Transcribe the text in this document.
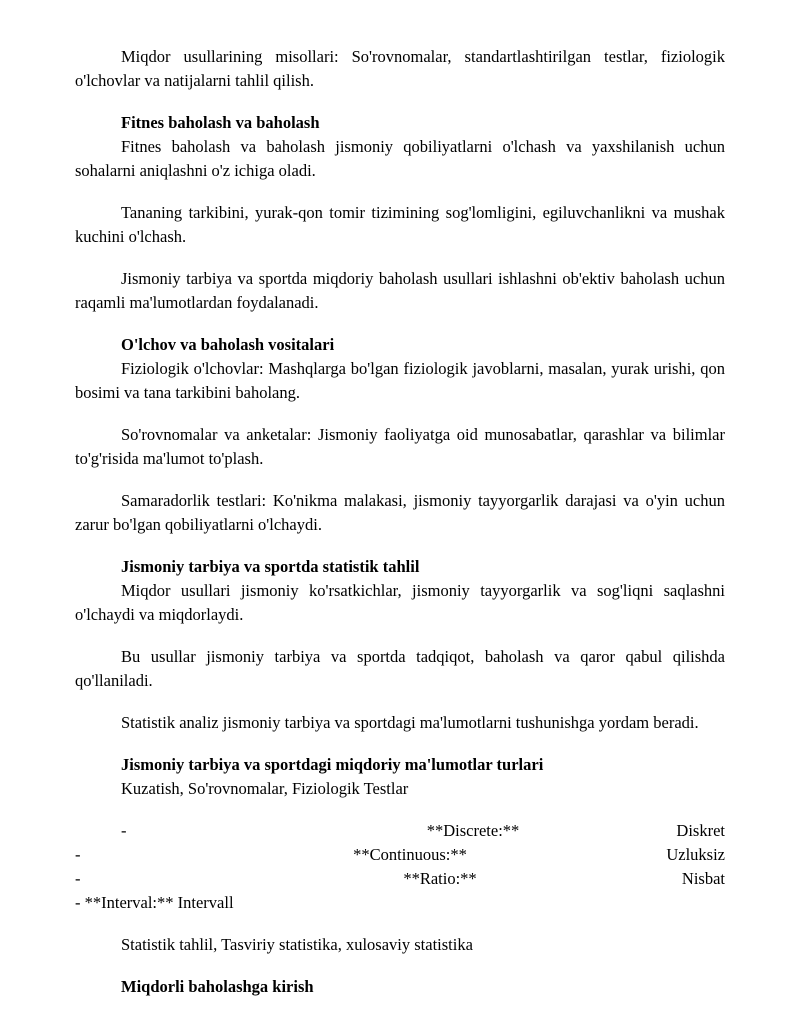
Miqdor usullarining misollari: So'rovnomalar, standartlashtirilgan testlar, fiziologik o'lchovlar va natijalarni tahlil qilish.

Fitnes baholash va baholash

Fitnes baholash va baholash jismoniy qobiliyatlarni o'lchash va yaxshilanish uchun sohalarni aniqlashni o'z ichiga oladi.

Tananing tarkibini, yurak-qon tomir tizimining sog'lomligini, egiluvchanlikni va mushak kuchini o'lchash.

Jismoniy tarbiya va sportda miqdoriy baholash usullari ishlashni ob'ektiv baholash uchun raqamli ma'lumotlardan foydalanadi.

O'lchov va baholash vositalari

Fiziologik o'lchovlar: Mashqlarga bo'lgan fiziologik javoblarni, masalan, yurak urishi, qon bosimi va tana tarkibini baholang.

So'rovnomalar va anketalar: Jismoniy faoliyatga oid munosabatlar, qarashlar va bilimlar to'g'risida ma'lumot to'plash.

Samaradorlik testlari: Ko'nikma malakasi, jismoniy tayyorgarlik darajasi va o'yin uchun zarur bo'lgan qobiliyatlarni o'lchaydi.

Jismoniy tarbiya va sportda statistik tahlil

Miqdor usullari jismoniy ko'rsatkichlar, jismoniy tayyorgarlik va sog'liqni saqlashni o'lchaydi va miqdorlaydi.

Bu usullar jismoniy tarbiya va sportda tadqiqot, baholash va qaror qabul qilishda qo'llaniladi.

Statistik analiz jismoniy tarbiya va sportdagi ma'lumotlarni tushunishga yordam beradi.

Jismoniy tarbiya va sportdagi miqdoriy ma'lumotlar turlari

Kuzatish, So'rovnomalar, Fiziologik Testlar

-	**Discrete:**	Diskret
-	**Continuous:**	Uzluksiz
-	**Ratio:**	Nisbat

- **Interval:** Intervall

Statistik tahlil, Tasviriy statistika, xulosaviy statistika

Miqdorli baholashga kirish
